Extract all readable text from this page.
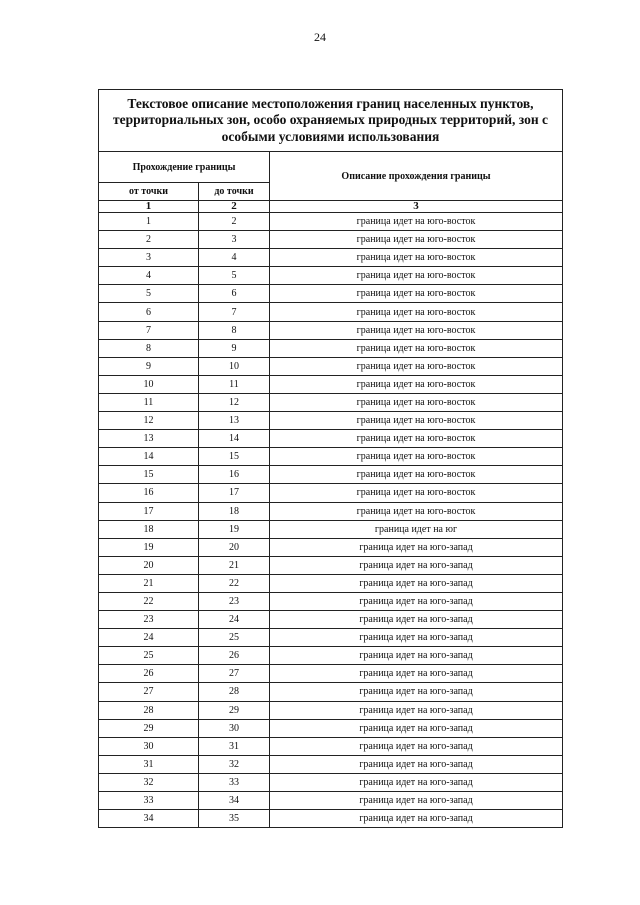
24
Текстовое описание местоположения границ населенных пунктов, территориальных зон, особо охраняемых природных территорий, зон с особыми условиями использования		
Прохождение границы		Описание прохождения границы
от точки	до точки	
1	2	3
1	2	граница идет на юго-восток
2	3	граница идет на юго-восток
3	4	граница идет на юго-восток
4	5	граница идет на юго-восток
5	6	граница идет на юго-восток
6	7	граница идет на юго-восток
7	8	граница идет на юго-восток
8	9	граница идет на юго-восток
9	10	граница идет на юго-восток
10	11	граница идет на юго-восток
11	12	граница идет на юго-восток
12	13	граница идет на юго-восток
13	14	граница идет на юго-восток
14	15	граница идет на юго-восток
15	16	граница идет на юго-восток
16	17	граница идет на юго-восток
17	18	граница идет на юго-восток
18	19	граница идет на юг
19	20	граница идет на юго-запад
20	21	граница идет на юго-запад
21	22	граница идет на юго-запад
22	23	граница идет на юго-запад
23	24	граница идет на юго-запад
24	25	граница идет на юго-запад
25	26	граница идет на юго-запад
26	27	граница идет на юго-запад
27	28	граница идет на юго-запад
28	29	граница идет на юго-запад
29	30	граница идет на юго-запад
30	31	граница идет на юго-запад
31	32	граница идет на юго-запад
32	33	граница идет на юго-запад
33	34	граница идет на юго-запад
34	35	граница идет на юго-запад
